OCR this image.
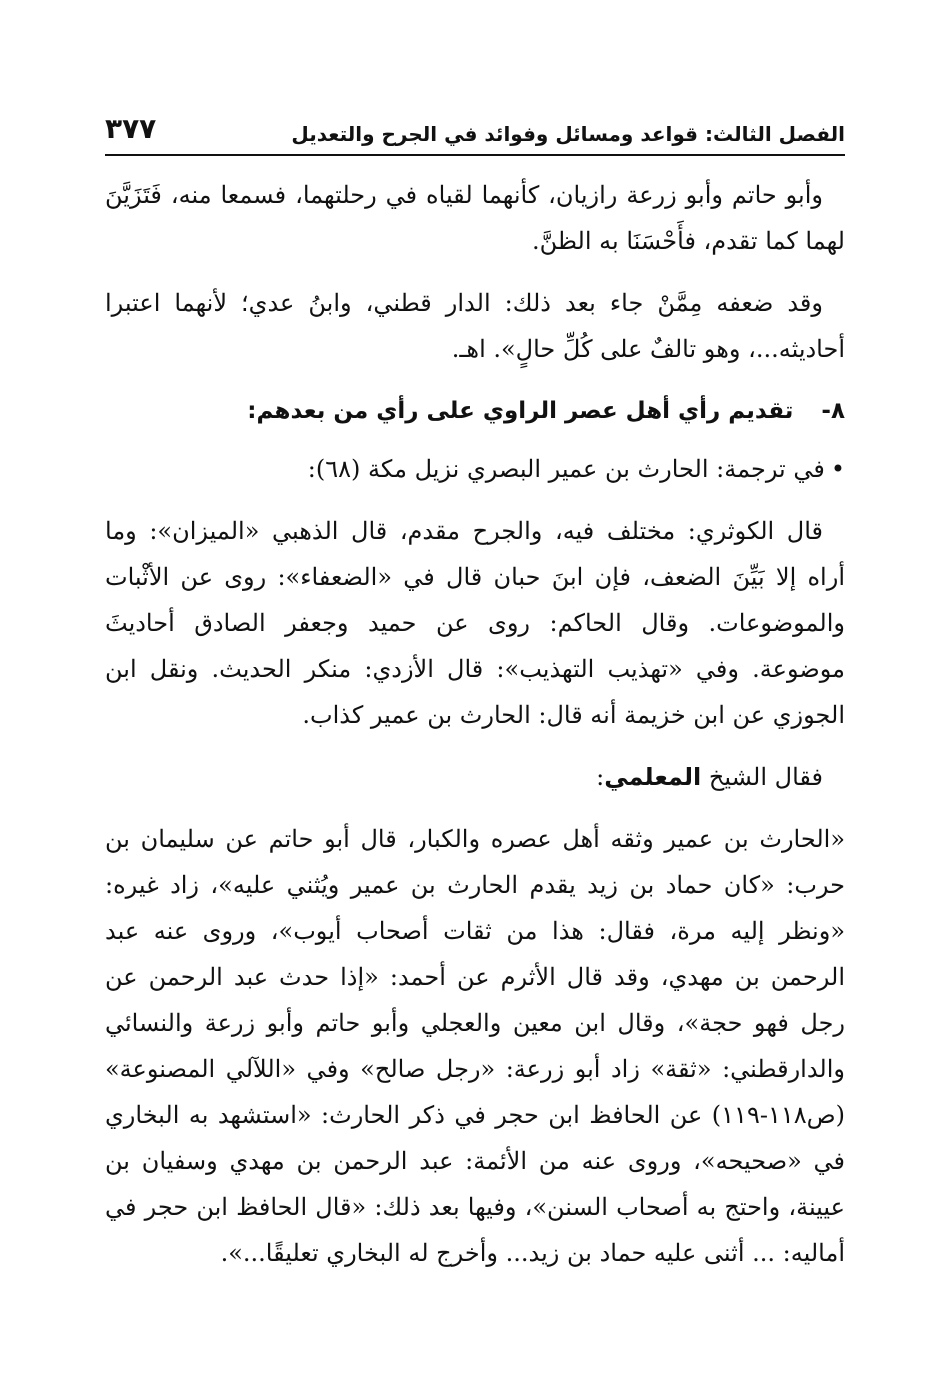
الفصل الثالث: قواعد ومسائل وفوائد في الجرح والتعديل
٣٧٧

وأبو حاتم وأبو زرعة رازيان، كأنهما لقياه في رحلتهما، فسمعا منه، فَتَزَيَّنَ لهما كما تقدم، فأَحْسَنَا به الظنَّ.

وقد ضعفه مِمَّنْ جاء بعد ذلك: الدار قطني، وابنُ عدي؛ لأنهما اعتبرا أحاديثه...، وهو تالفٌ على كُلِّ حالٍ». اهـ.

٨-تقديم رأي أهل عصر الراوي على رأي من بعدهم:

•في ترجمة: الحارث بن عمير البصري نزيل مكة (٦٨):

قال الكوثري: مختلف فيه، والجرح مقدم، قال الذهبي «الميزان»: وما أراه إلا بَيِّنَ الضعف، فإن ابنَ حبان قال في «الضعفاء»: روى عن الأثْبات والموضوعات. وقال الحاكم: روى عن حميد وجعفر الصادق أحاديثَ موضوعة. وفي «تهذيب التهذيب»: قال الأزدي: منكر الحديث. ونقل ابن الجوزي عن ابن خزيمة أنه قال: الحارث بن عمير كذاب.

فقال الشيخ المعلمي:

«الحارث بن عمير وثقه أهل عصره والكبار، قال أبو حاتم عن سليمان بن حرب: «كان حماد بن زيد يقدم الحارث بن عمير ويُثني عليه»، زاد غيره: «ونظر إليه مرة، فقال: هذا من ثقات أصحاب أيوب»، وروى عنه عبد الرحمن بن مهدي، وقد قال الأثرم عن أحمد: «إذا حدث عبد الرحمن عن رجل فهو حجة»، وقال ابن معين والعجلي وأبو حاتم وأبو زرعة والنسائي والدارقطني: «ثقة» زاد أبو زرعة: «رجل صالح» وفي «اللآلي المصنوعة» (ص١١٨-١١٩) عن الحافظ ابن حجر في ذكر الحارث: «استشهد به البخاري في «صحيحه»، وروى عنه من الأئمة: عبد الرحمن بن مهدي وسفيان بن عيينة، واحتج به أصحاب السنن»، وفيها بعد ذلك: «قال الحافظ ابن حجر في أماليه: ... أثنى عليه حماد بن زيد... وأخرج له البخاري تعليقًا...».
